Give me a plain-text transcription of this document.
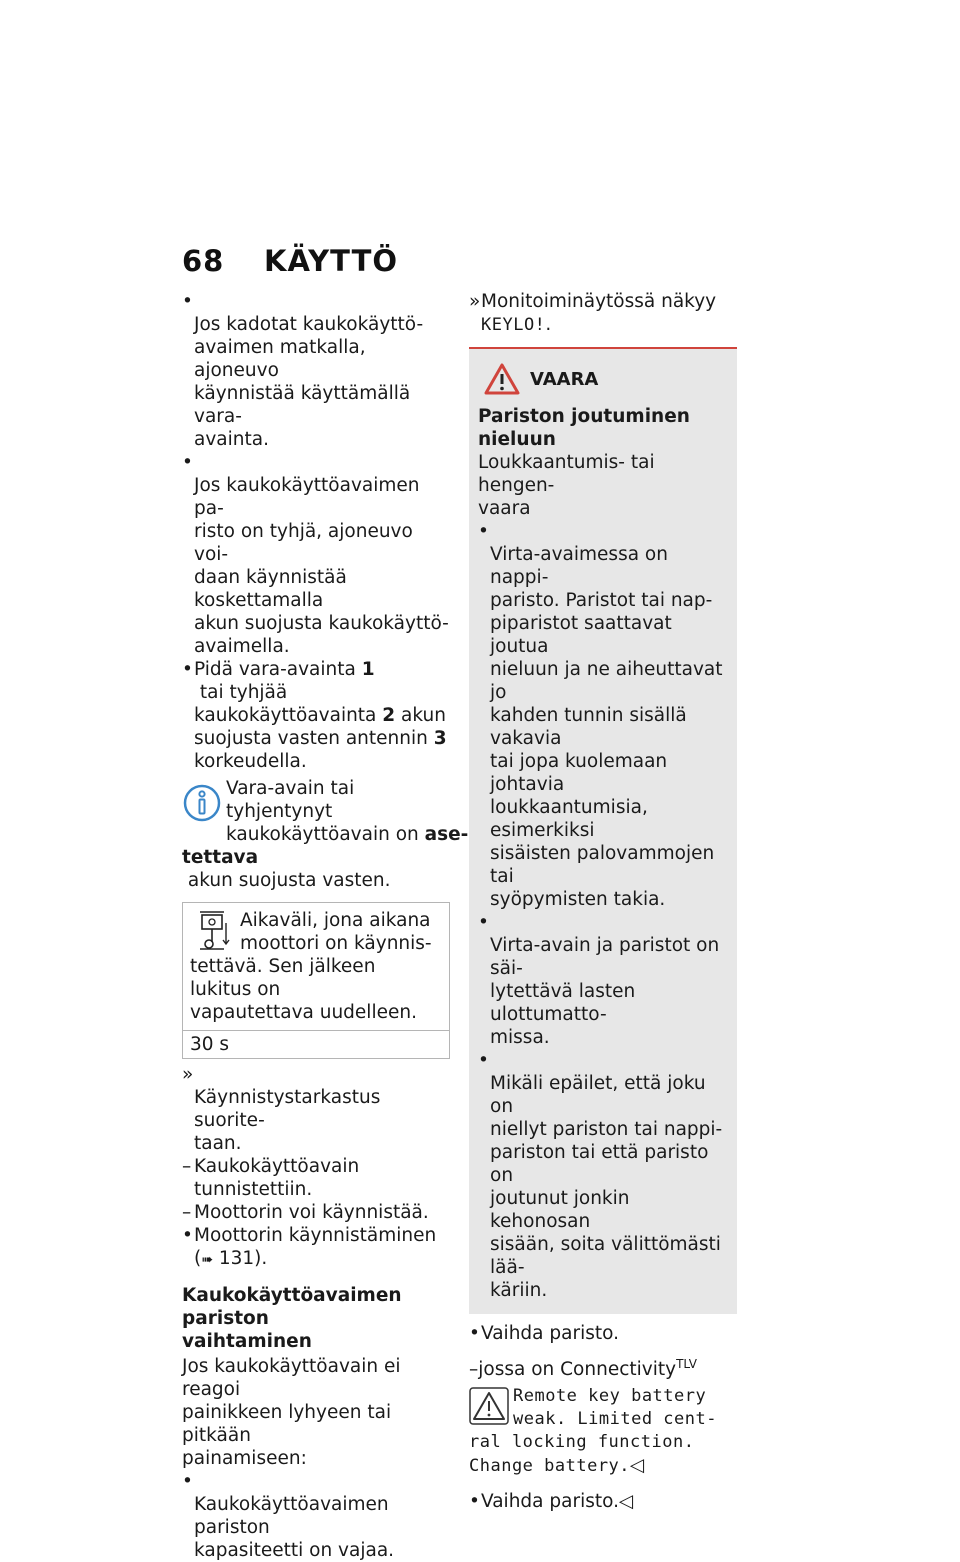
68 KÄYTTÖ

•
Jos kadotat kaukokäyttö-
avaimen matkalla, ajoneuvo
käynnistää käyttämällä vara-
avainta.

•
Jos kaukokäyttöavaimen pa-
risto on tyhjä, ajoneuvo voi-
daan käynnistää koskettamalla
akun suojusta kaukokäyttö-
avaimella.

• Pidä vara-avainta 1 tai tyhjää
kaukokäyttöavainta 2 akun
suojusta vasten antennin 3
korkeudella.
Vara-avain tai tyhjentynyt
kaukokäyttöavain on ase-
tettava akun suojusta vasten.
Aikaväli, jona aikana
moottori on käynnis-
tettävä. Sen jälkeen lukitus on
vapautettava uudelleen.
30 s

»
Käynnistystarkastus suorite-
taan.

– Kaukokäyttöavain tunnistettiin.
– Moottorin voi käynnistää.
• Moottorin käynnistäminen
(➠ 131).
Kaukokäyttöavaimen pariston
vaihtaminen
Jos kaukokäyttöavain ei reagoi
painikkeen lyhyeen tai pitkään
painamiseen:

•
Kaukokäyttöavaimen pariston
kapasiteetti on vajaa.

» Monitoiminäytössä näkyy
KEYLO!.
VAARA
Pariston joutuminen nieluun
Loukkaantumis- tai hengen-
vaara

•
Virta-avaimessa on nappi-
paristo. Paristot tai nap-
piparistot saattavat joutua
nieluun ja ne aiheuttavat jo
kahden tunnin sisällä vakavia
tai jopa kuolemaan johtavia
loukkaantumisia, esimerkiksi
sisäisten palovammojen tai
syöpymisten takia.

•
Virta-avain ja paristot on säi-
lytettävä lasten ulottumatto-
missa.

•
Mikäli epäilet, että joku on
niellyt pariston tai nappi-
pariston tai että paristo on
joutunut jonkin kehonosan
sisään, soita välittömästi lää-
käriin.

• Vaihda paristo.
–jossa on Connectivity$^{TLV}$
Remote key battery
weak. Limited cent-
ral locking function.
Change battery.◁
• Vaihda paristo.◁
